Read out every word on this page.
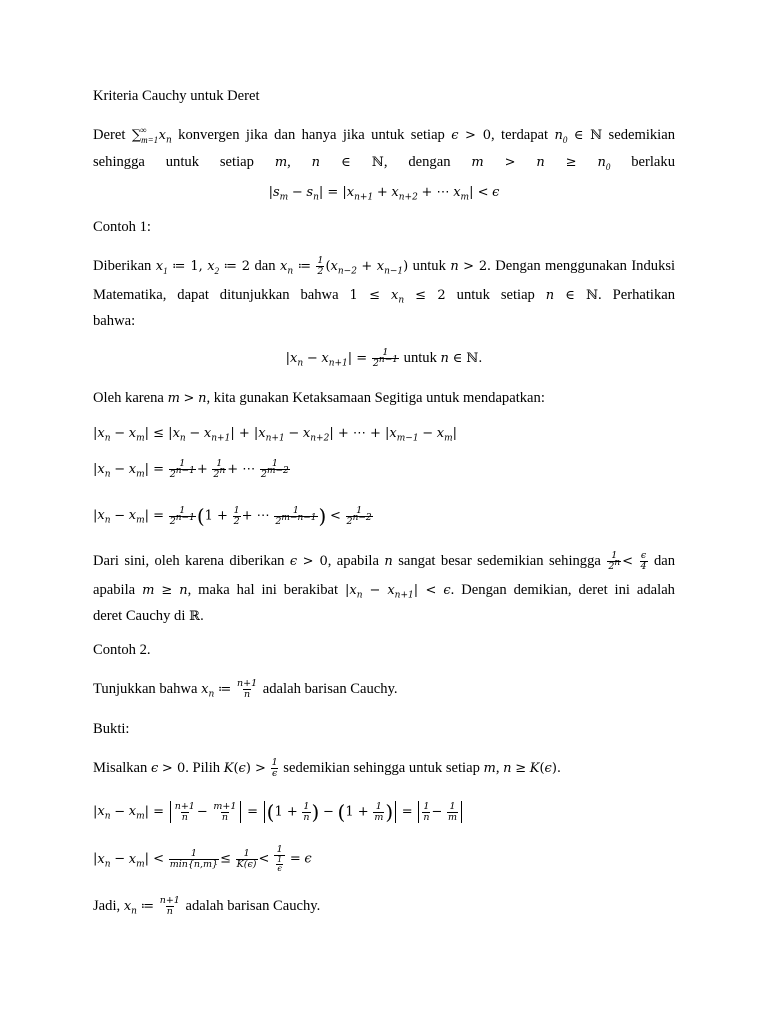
Kriteria Cauchy untuk Deret
Deret $\sum_{m=1}^\infty$ $x_n$ konvergen jika dan hanya jika untuk setiap ϵ > 0, terdapat $n_0$ ∈ ℕ sedemikian sehingga untuk setiap m, n ∈ ℕ, dengan $m > n \ge n_0$ berlaku
$|s_m - s_n| = |x_{n+1} + x_{n+2}$ + ⋯ $x_m| < \epsilon$
Contoh 1:
Diberikan $x_1$ ≔ 1, $x_2$ ≔ 2 dan $x_n$ ≔ $\frac{1}{2} (x_{n-2} + x_{n-1})$ untuk n > 2. Dengan menggunakan Induksi Matematika, dapat ditunjukkan bahwa $1 \le x_n \le 2$ untuk setiap n ∈ ℕ. Perhatikan
bahwa:
$|x_n - x_{n+1}| = \frac{1}{2^{n-1}}$ untuk n ∈ ℕ.
Oleh karena m > n, kita gunakan Ketaksamaan Segitiga untuk mendapatkan:
$|x_n - x_m| \le |x_n - x_{n+1}| + |x_{n+1} - x_{n+2}|$ + ⋯ + $|x_{m-1} - x_m|$
$|x_n - x_m| = \frac{1}{2^{n-1}} + \frac{1}{2^n}$ + ⋯ $\frac{1}{2^{m-2}}$
$|x_n - x_m| = \frac{1}{2^{n-1}} (1 + \frac{1}{2}$ + ⋯ $\frac{1}{2^{m-n-1}}$ ) < $\frac{1}{2^{n-2}}$
Dari sini, oleh karena diberikan ϵ > 0, apabila n sangat besar sedemikian sehingga $\frac{1}{2^n} < \frac{\epsilon}{4}$ dan apabila m ≥ n, maka hal ini berakibat $|x_n - x_{n+1}| < \epsilon$. Dengan demikian, deret ini adalah
deret Cauchy di ℝ.
Contoh 2.
Tunjukkan bahwa $x_n$ ≔ $\frac{n+1}{n}$ adalah barisan Cauchy.
Bukti:
Misalkan ϵ > 0. Pilih $K(\epsilon) > \frac{1}{\epsilon}$ sedemikian sehingga untuk setiap m, n ≥ K(ϵ).
$|x_n - x_m| = \frac{n+1}{n} - \frac{m+1}{n} = (1 + \frac{1}{n}$ ) − ($1 + \frac{1}{m}$ ) = $\frac{1}{n} - \frac{1}{m}$
$|x_n - x_m| < \frac{1}{\min\{n,m\}} \le \frac{1}{K(\epsilon)} < \frac{1}{\frac{1}{\epsilon}} = \epsilon$
Jadi, $x_n$ ≔ $\frac{n+1}{n}$ adalah barisan Cauchy.
